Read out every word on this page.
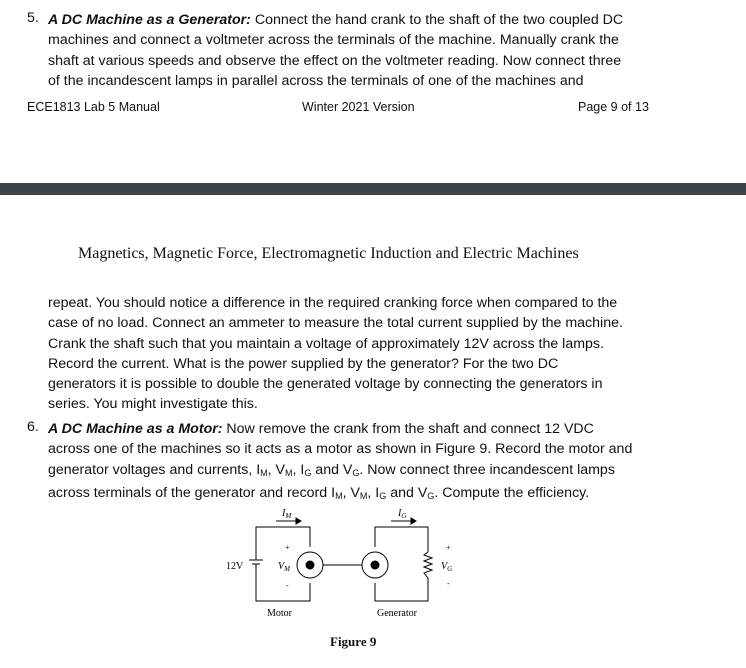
5. A DC Machine as a Generator: Connect the hand crank to the shaft of the two coupled DC
machines and connect a voltmeter across the terminals of the machine. Manually crank the
shaft at various speeds and observe the effect on the voltmeter reading. Now connect three
of the incandescent lamps in parallel across the terminals of one of the machines and
ECE1813 Lab 5 Manual	Winter 2021 Version	Page 9 of 13
Magnetics, Magnetic Force, Electromagnetic Induction and Electric Machines
repeat. You should notice a difference in the required cranking force when compared to the
case of no load. Connect an ammeter to measure the total current supplied by the machine.
Crank the shaft such that you maintain a voltage of approximately 12V across the lamps.
Record the current. What is the power supplied by the generator? For the two DC
generators it is possible to double the generated voltage by connecting the generators in
series. You might investigate this.
6. A DC Machine as a Motor: Now remove the crank from the shaft and connect 12 VDC
across one of the machines so it acts as a motor as shown in Figure 9. Record the motor and
generator voltages and currents, $I_M$, $V_M$, $I_G$ and $V_G$. Now connect three incandescent lamps
across terminals of the generator and record $I_M$, $V_M$, $I_G$ and $V_G$. Compute the efficiency.
$I_M$	$I_G$
12V
+
$V_M$
-
+
$V_G$
-
Motor	Generator
Figure 9
